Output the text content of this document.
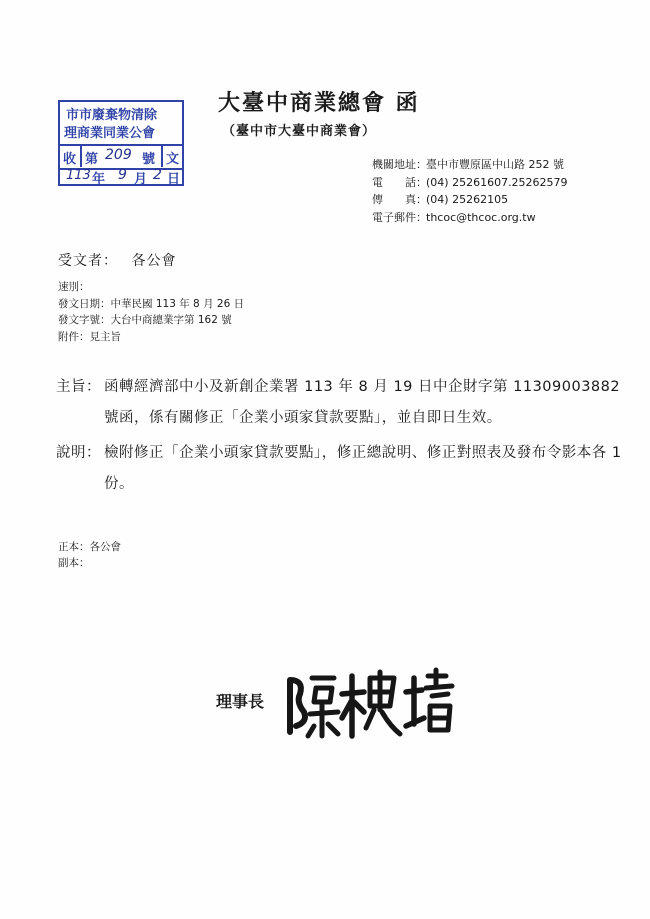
市市廢棄物清除
理商業同業公會
收 第 209 號 文
113 年 9 月 2 日
大臺中商業總會 函
（臺中市大臺中商業會）
機關地址：臺中市豐原區中山路 252 號
電　　話：(04) 25261607.25262579
傳　　真：(04) 25262105
電子郵件：thcoc@thcoc.org.tw
受文者： 各公會
速別：
發文日期：中華民國 113 年 8 月 26 日
發文字號：大台中商總業字第 162 號
附件：見主旨
主旨： 函轉經濟部中小及新創企業署 113 年 8 月 19 日中企財字第 11309003882 號函，係有關修正「企業小頭家貸款要點」，並自即日生效。
說明： 檢附修正「企業小頭家貸款要點」，修正總說明、修正對照表及發布令影本各 1 份。
正本：各公會
副本：
理事長
